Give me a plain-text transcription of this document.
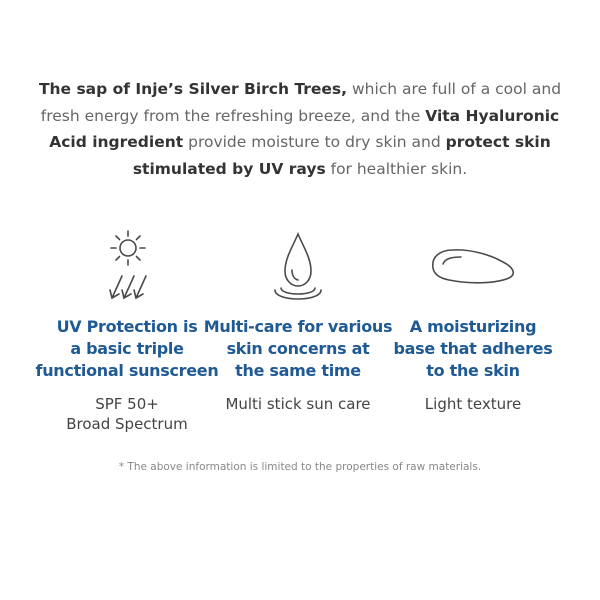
The sap of Inje’s Silver Birch Trees, which are full of a cool and fresh energy from the refreshing breeze, and the Vita Hyaluronic Acid ingredient provide moisture to dry skin and protect skin stimulated by UV rays for healthier skin.
UV Protection is
a basic triple
functional sunscreen
SPF 50+
Broad Spectrum
Multi-care for various
skin concerns at
the same time
Multi stick sun care
A moisturizing
base that adheres
to the skin
Light texture
* The above information is limited to the properties of raw materials.
